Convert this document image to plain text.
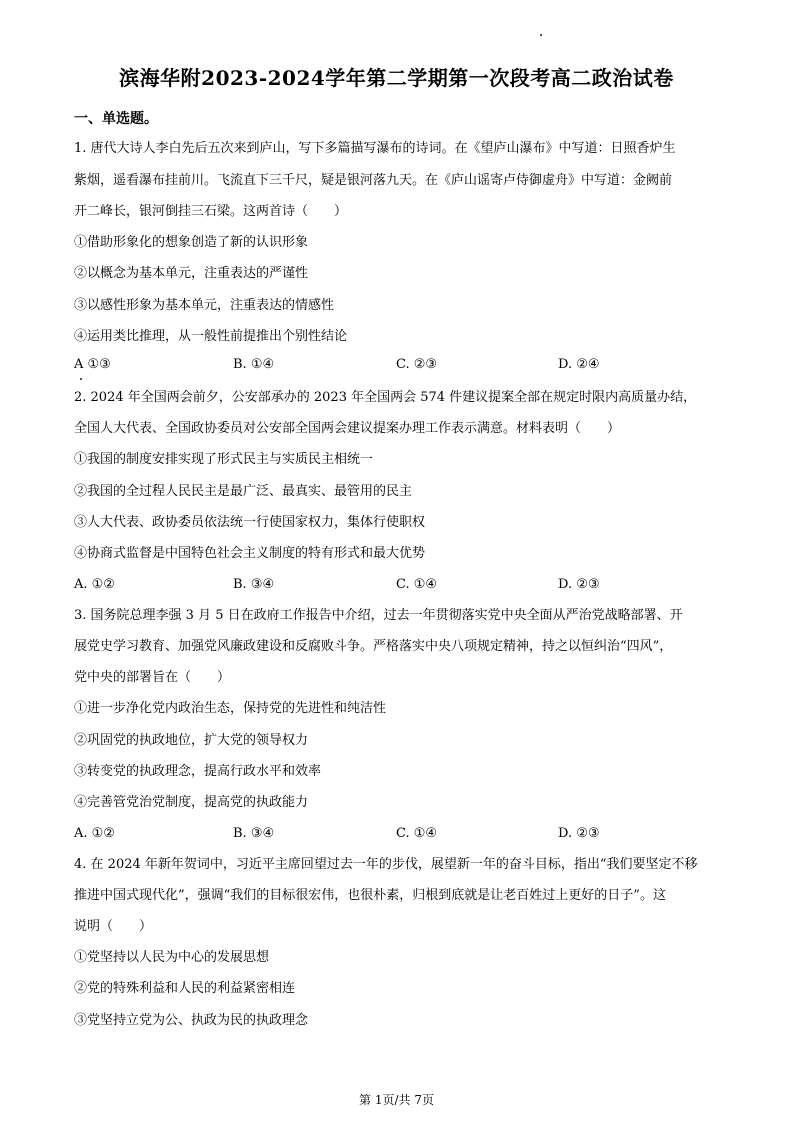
滨海华附2023-2024学年第二学期第一次段考高二政治试卷
一、单选题。
1. 唐代大诗人李白先后五次来到庐山，写下多篇描写瀑布的诗词。在《望庐山瀑布》中写道：日照香炉生
紫烟，遥看瀑布挂前川。飞流直下三千尺，疑是银河落九天。在《庐山谣寄卢侍御虚舟》中写道：金阙前
开二峰长，银河倒挂三石梁。这两首诗（　　）
①借助形象化的想象创造了新的认识形象
②以概念为基本单元，注重表达的严谨性
③以感性形象为基本单元，注重表达的情感性
④运用类比推理，从一般性前提推出个别性结论
A ①③	B. ①④	C. ②③	D. ②④
2. 2024 年全国两会前夕，公安部承办的 2023 年全国两会 574 件建议提案全部在规定时限内高质量办结，
全国人大代表、全国政协委员对公安部全国两会建议提案办理工作表示满意。材料表明（　　）
①我国的制度安排实现了形式民主与实质民主相统一
②我国的全过程人民民主是最广泛、最真实、最管用的民主
③人大代表、政协委员依法统一行使国家权力，集体行使职权
④协商式监督是中国特色社会主义制度的特有形式和最大优势
A. ①②	B. ③④	C. ①④	D. ②③
3. 国务院总理李强 3 月 5 日在政府工作报告中介绍，过去一年贯彻落实党中央全面从严治党战略部署、开
展党史学习教育、加强党风廉政建设和反腐败斗争。严格落实中央八项规定精神，持之以恒纠治“四风”，
党中央的部署旨在（　　）
①进一步净化党内政治生态，保持党的先进性和纯洁性
②巩固党的执政地位，扩大党的领导权力
③转变党的执政理念，提高行政水平和效率
④完善管党治党制度，提高党的执政能力
A. ①②	B. ③④	C. ①④	D. ②③
4. 在 2024 年新年贺词中，习近平主席回望过去一年的步伐，展望新一年的奋斗目标，指出“我们要坚定不移
推进中国式现代化”，强调“我们的目标很宏伟，也很朴素，归根到底就是让老百姓过上更好的日子”。这
说明（　　）
①党坚持以人民为中心的发展思想
②党的特殊利益和人民的利益紧密相连
③党坚持立党为公、执政为民的执政理念
第 1页/共 7页
